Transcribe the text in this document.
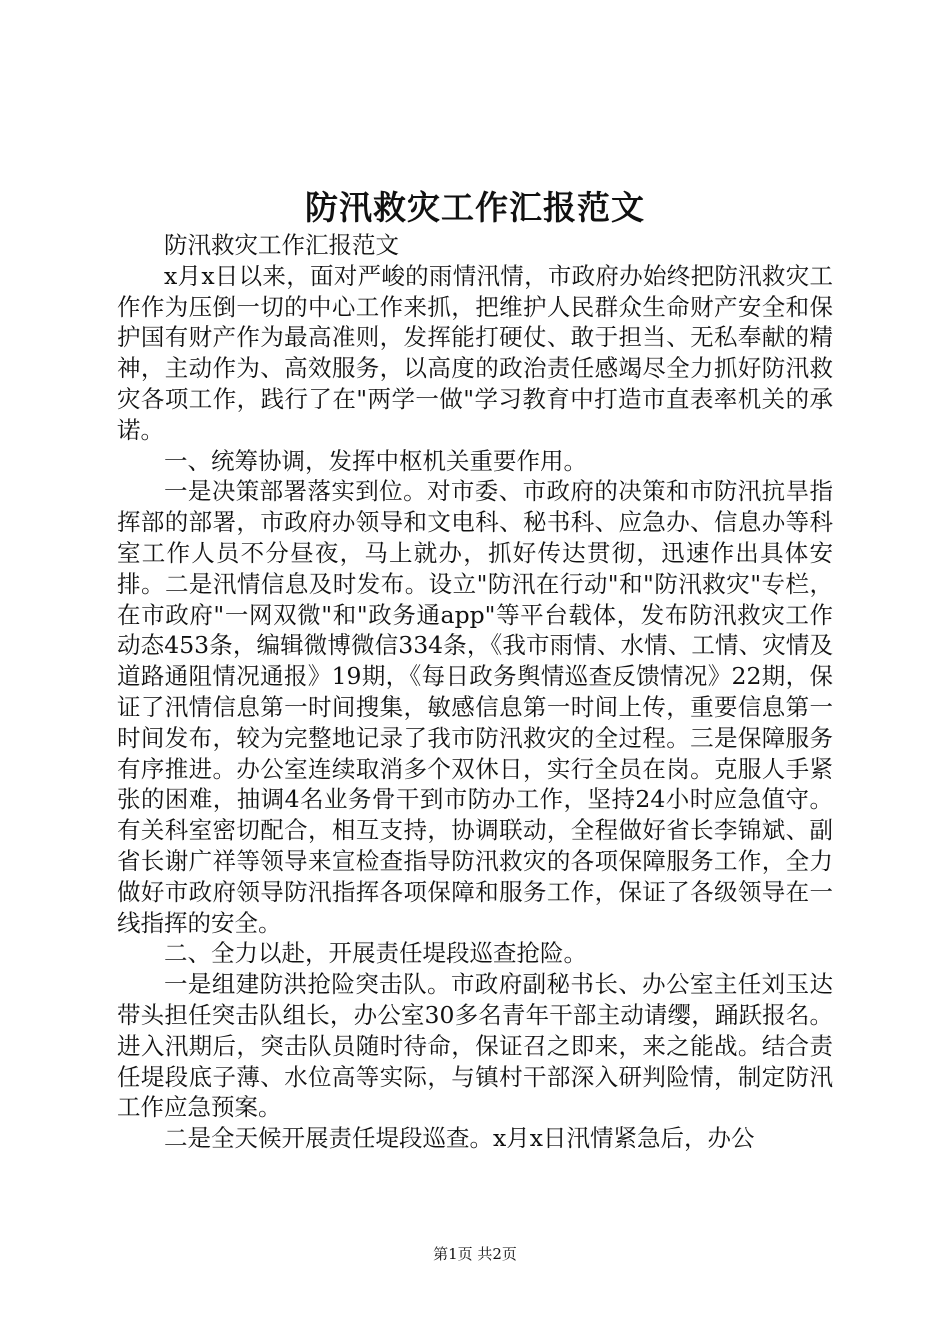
防汛救灾工作汇报范文

防汛救灾工作汇报范文

x月x日以来，面对严峻的雨情汛情，市政府办始终把防汛救灾工作作为压倒一切的中心工作来抓，把维护人民群众生命财产安全和保护国有财产作为最高准则，发挥能打硬仗、敢于担当、无私奉献的精神，主动作为、高效服务，以高度的政治责任感竭尽全力抓好防汛救灾各项工作，践行了在"两学一做"学习教育中打造市直表率机关的承诺。

一、统筹协调，发挥中枢机关重要作用。

一是决策部署落实到位。对市委、市政府的决策和市防汛抗旱指挥部的部署，市政府办领导和文电科、秘书科、应急办、信息办等科室工作人员不分昼夜，马上就办，抓好传达贯彻，迅速作出具体安排。二是汛情信息及时发布。设立"防汛在行动"和"防汛救灾"专栏，在市政府"一网双微"和"政务通app"等平台载体，发布防汛救灾工作动态453条，编辑微博微信334条，《我市雨情、水情、工情、灾情及道路通阻情况通报》19期，《每日政务舆情巡查反馈情况》22期，保证了汛情信息第一时间搜集，敏感信息第一时间上传，重要信息第一时间发布，较为完整地记录了我市防汛救灾的全过程。三是保障服务有序推进。办公室连续取消多个双休日，实行全员在岗。克服人手紧张的困难，抽调4名业务骨干到市防办工作，坚持24小时应急值守。有关科室密切配合，相互支持，协调联动，全程做好省长李锦斌、副省长谢广祥等领导来宣检查指导防汛救灾的各项保障服务工作，全力做好市政府领导防汛指挥各项保障和服务工作，保证了各级领导在一线指挥的安全。

二、全力以赴，开展责任堤段巡查抢险。

一是组建防洪抢险突击队。市政府副秘书长、办公室主任刘玉达带头担任突击队组长，办公室30多名青年干部主动请缨，踊跃报名。进入汛期后，突击队员随时待命，保证召之即来，来之能战。结合责任堤段底子薄、水位高等实际，与镇村干部深入研判险情，制定防汛工作应急预案。

二是全天候开展责任堤段巡查。x月x日汛情紧急后，办公

第1页 共2页
